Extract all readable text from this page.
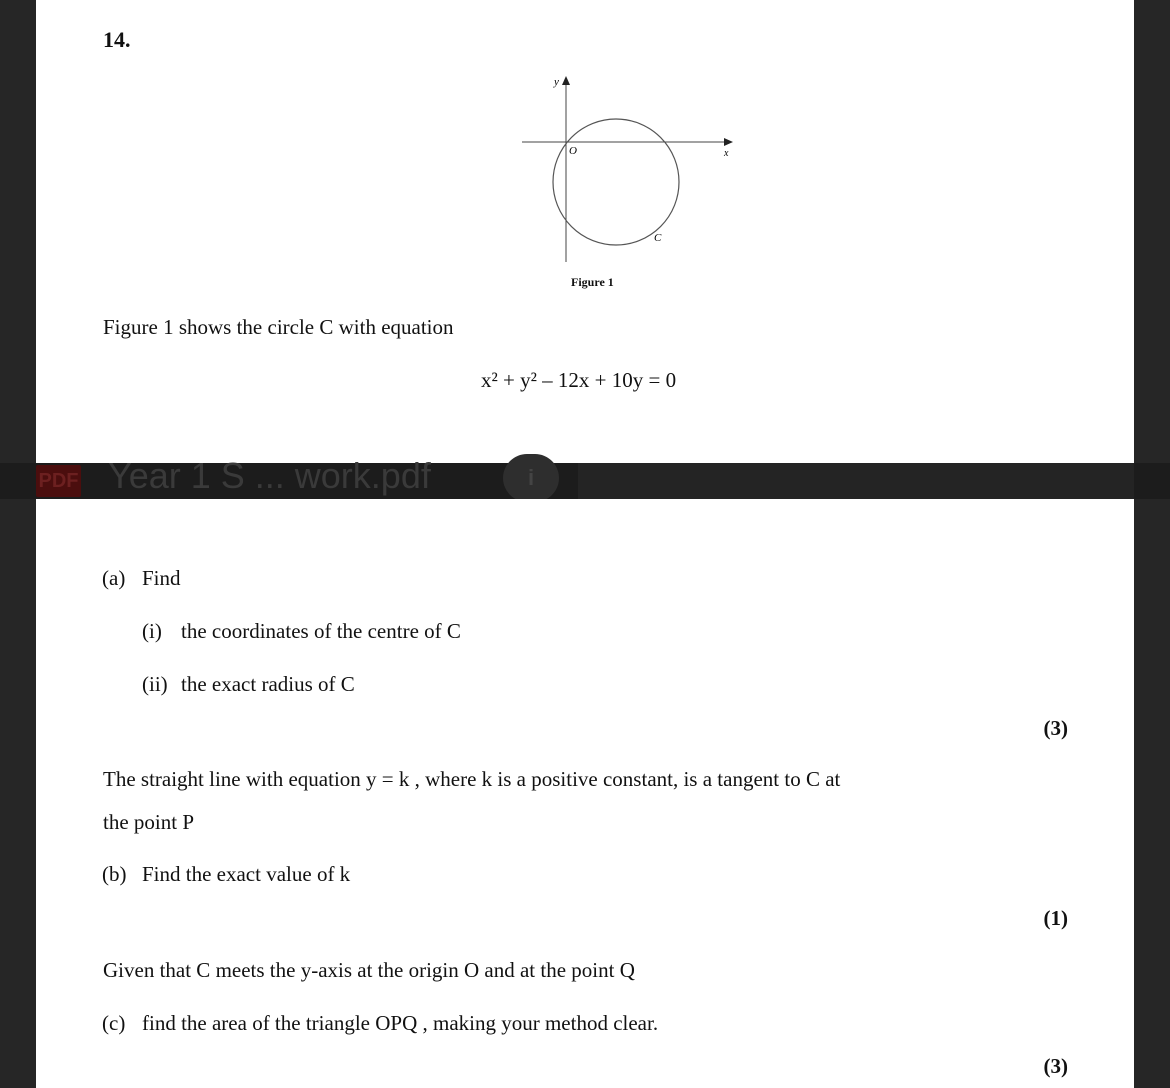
14.
y
x
O
C
Figure 1
Figure 1 shows the circle C with equation
x² + y² – 12x + 10y = 0
PDF Year 1 S ... work.pdf	i
(a) Find
(i) the coordinates of the centre of C
(ii) the exact radius of C
(3)
The straight line with equation y = k , where k is a positive constant, is a tangent to C at
the point P
(b) Find the exact value of k
(1)
Given that C meets the y-axis at the origin O and at the point Q
(c) find the area of the triangle OPQ , making your method clear.
(3)
